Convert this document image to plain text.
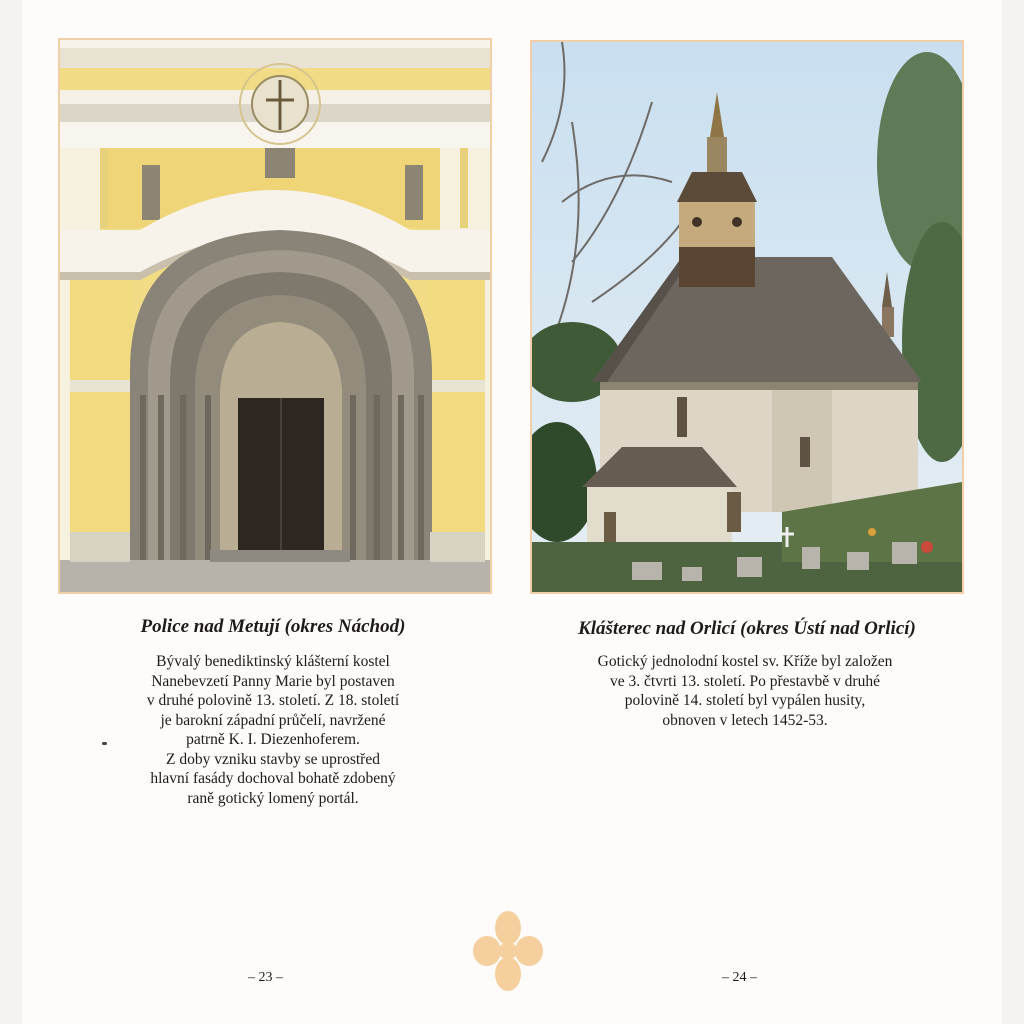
Police nad Metují (okres Náchod)
Bývalý benediktinský klášterní kostel
Nanebevzetí Panny Marie byl postaven
v druhé polovině 13. století. Z 18. století
je barokní západní průčelí, navržené
patrně K. I. Diezenhoferem.
Z doby vzniku stavby se uprostřed
hlavní fasády dochoval bohatě zdobený
raně gotický lomený portál.
Klášterec nad Orlicí (okres Ústí nad Orlicí)
Gotický jednolodní kostel sv. Kříže byl založen
ve 3. čtvrti 13. století. Po přestavbě v druhé
polovině 14. století byl vypálen husity,
obnoven v letech 1452-53.
– 23 –	– 24 –
